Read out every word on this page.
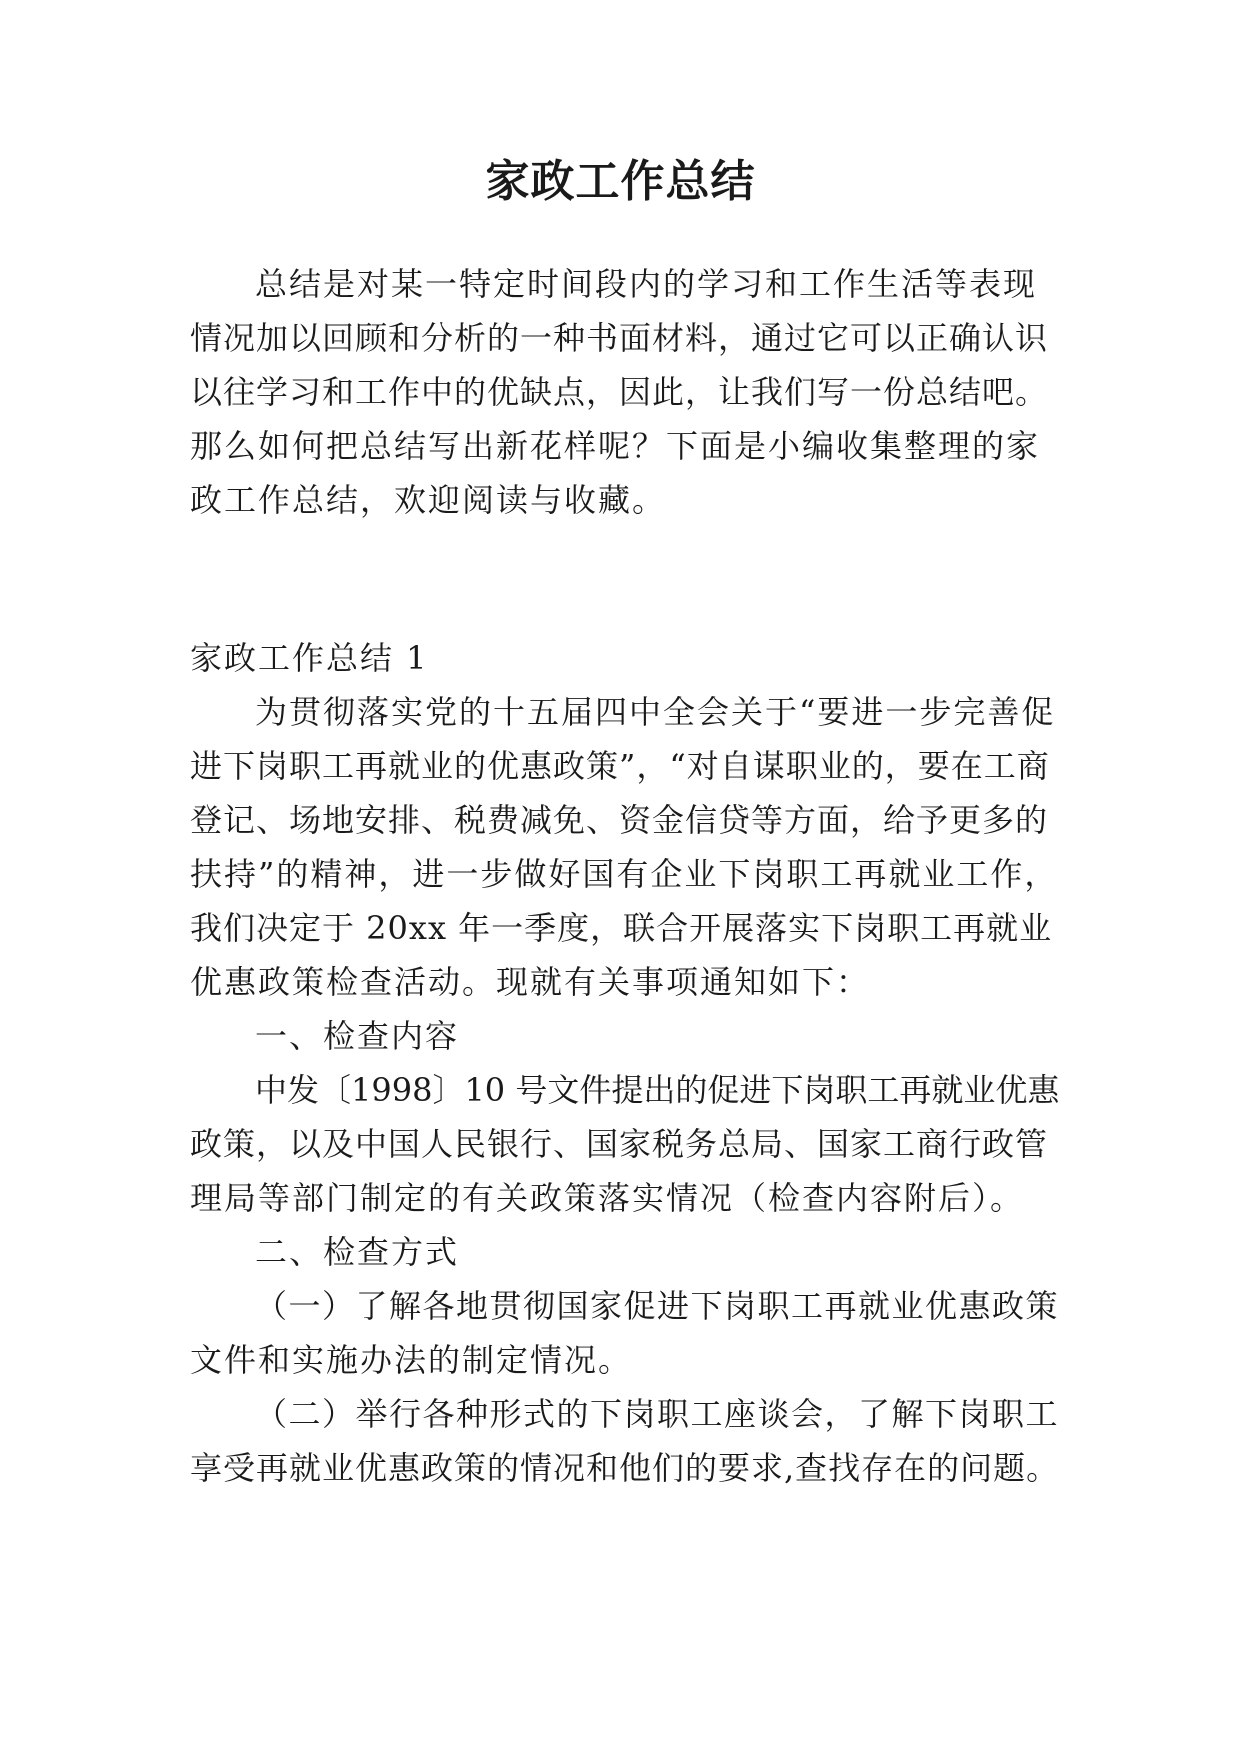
家政工作总结
总结是对某一特定时间段内的学习和工作生活等表现
情况加以回顾和分析的一种书面材料，通过它可以正确认识
以往学习和工作中的优缺点，因此，让我们写一份总结吧。
那么如何把总结写出新花样呢？下面是小编收集整理的家
政工作总结，欢迎阅读与收藏。
家政工作总结 1
为贯彻落实党的十五届四中全会关于“要进一步完善促
进下岗职工再就业的优惠政策”，“对自谋职业的，要在工商
登记、场地安排、税费减免、资金信贷等方面，给予更多的
扶持”的精神，进一步做好国有企业下岗职工再就业工作，
我们决定于 20xx 年一季度，联合开展落实下岗职工再就业
优惠政策检查活动。现就有关事项通知如下：
一、检查内容
中发〔1998〕10 号文件提出的促进下岗职工再就业优惠
政策，以及中国人民银行、国家税务总局、国家工商行政管
理局等部门制定的有关政策落实情况（检查内容附后）。
二、检查方式
（一）了解各地贯彻国家促进下岗职工再就业优惠政策
文件和实施办法的制定情况。
（二）举行各种形式的下岗职工座谈会，了解下岗职工
享受再就业优惠政策的情况和他们的要求,查找存在的问题。
